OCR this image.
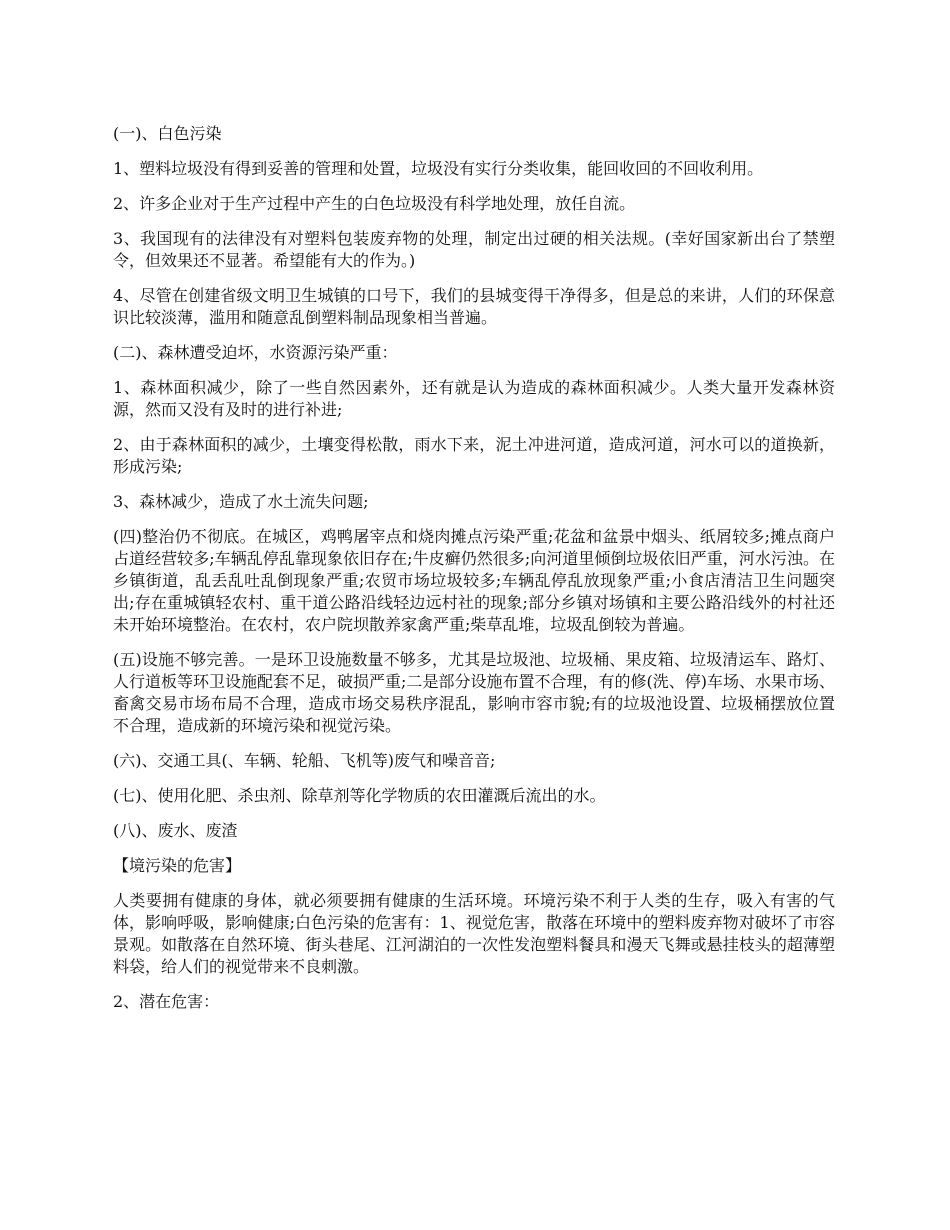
(一)、白色污染

1、塑料垃圾没有得到妥善的管理和处置，垃圾没有实行分类收集，能回收回的不回收利用。

2、许多企业对于生产过程中产生的白色垃圾没有科学地处理，放任自流。

3、我国现有的法律没有对塑料包装废弃物的处理，制定出过硬的相关法规。(幸好国家新出台了禁塑令，但效果还不显著。希望能有大的作为。)

4、尽管在创建省级文明卫生城镇的口号下，我们的县城变得干净得多，但是总的来讲，人们的环保意识比较淡薄，滥用和随意乱倒塑料制品现象相当普遍。

(二)、森林遭受迫坏，水资源污染严重：

1、森林面积减少，除了一些自然因素外，还有就是认为造成的森林面积减少。人类大量开发森林资源，然而又没有及时的进行补进;

2、由于森林面积的减少，土壤变得松散，雨水下来，泥土冲进河道，造成河道，河水可以的道换新，形成污染;

3、森林减少，造成了水土流失问题;

(四)整治仍不彻底。在城区，鸡鸭屠宰点和烧肉摊点污染严重;花盆和盆景中烟头、纸屑较多;摊点商户占道经营较多;车辆乱停乱靠现象依旧存在;牛皮癣仍然很多;向河道里倾倒垃圾依旧严重，河水污浊。在乡镇街道，乱丢乱吐乱倒现象严重;农贸市场垃圾较多;车辆乱停乱放现象严重;小食店清洁卫生问题突出;存在重城镇轻农村、重干道公路沿线轻边远村社的现象;部分乡镇对场镇和主要公路沿线外的村社还未开始环境整治。在农村，农户院坝散养家禽严重;柴草乱堆，垃圾乱倒较为普遍。

(五)设施不够完善。一是环卫设施数量不够多，尤其是垃圾池、垃圾桶、果皮箱、垃圾清运车、路灯、人行道板等环卫设施配套不足，破损严重;二是部分设施布置不合理，有的修(洗、停)车场、水果市场、畜禽交易市场布局不合理，造成市场交易秩序混乱，影响市容市貌;有的垃圾池设置、垃圾桶摆放位置不合理，造成新的环境污染和视觉污染。

(六)、交通工具(、车辆、轮船、飞机等)废气和噪音音;

(七)、使用化肥、杀虫剂、除草剂等化学物质的农田灌溉后流出的水。

(八)、废水、废渣

【境污染的危害】

人类要拥有健康的身体，就必须要拥有健康的生活环境。环境污染不利于人类的生存，吸入有害的气体，影响呼吸，影响健康;白色污染的危害有：1、视觉危害，散落在环境中的塑料废弃物对破坏了市容景观。如散落在自然环境、街头巷尾、江河湖泊的一次性发泡塑料餐具和漫天飞舞或悬挂枝头的超薄塑料袋，给人们的视觉带来不良刺激。

2、潜在危害：
